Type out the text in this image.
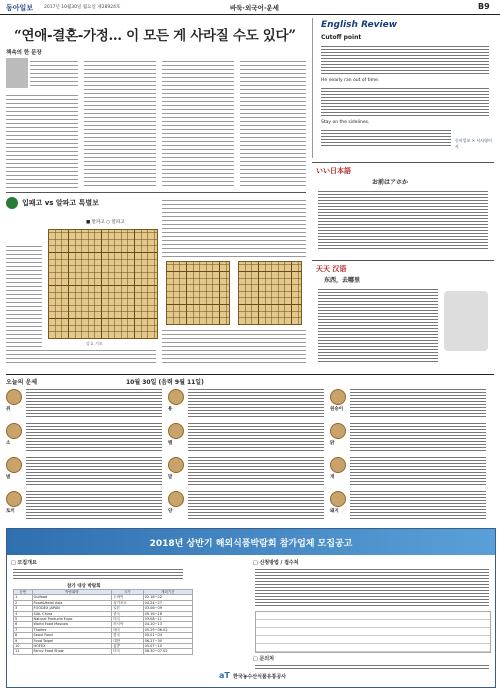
동아일보 2017년 10월30일 월요일 제28924호	바둑·외국어·운세	B9
“연애-결혼-가정… 이 모든 게 사라질 수도 있다”
책속의 한 문장
English Review
Cutoff point
He nearly ran out of time.
Stay on the sidelines.
동아일보 × 시사영어사
입패고 vs 알파고 특별보
■ 알파고 ○ 알파고
강호 기보
いい日本語
お前はアホか
天天 汉语
东西，去哪里
오늘의 운세	10월 30일 (음력 9월 11일)
쥐
소
범
토끼
용
뱀
말
양
원숭이
닭
개
돼지
2018년 상반기 해외식품박람회 참가업체 모집공고
□ 모집개요
참가 대상 박람회
순번	박람회명	국가	개최기간
1	Gulfood	두바이	02.18~22
2	Food&Hotel Asia	싱가포르	04.24~27
3	FOODEX JAPAN	일본	03.06~09
4	SIAL China	중국	05.16~18
5	Natural Products Expo	미국	03.08~11
6	World Food Moscow	러시아	04.10~13
7	Thaifex	태국	05.29~06.02
8	Seoul Food	한국	05.01~04
9	Food Taipei	대만	06.27~30
10	HOFEX	홍콩	05.07~10
11	Fancy Food Show	미국	06.30~07.02
□ 신청방법 / 접수처
□ 문의처
aT 한국농수산식품유통공사
